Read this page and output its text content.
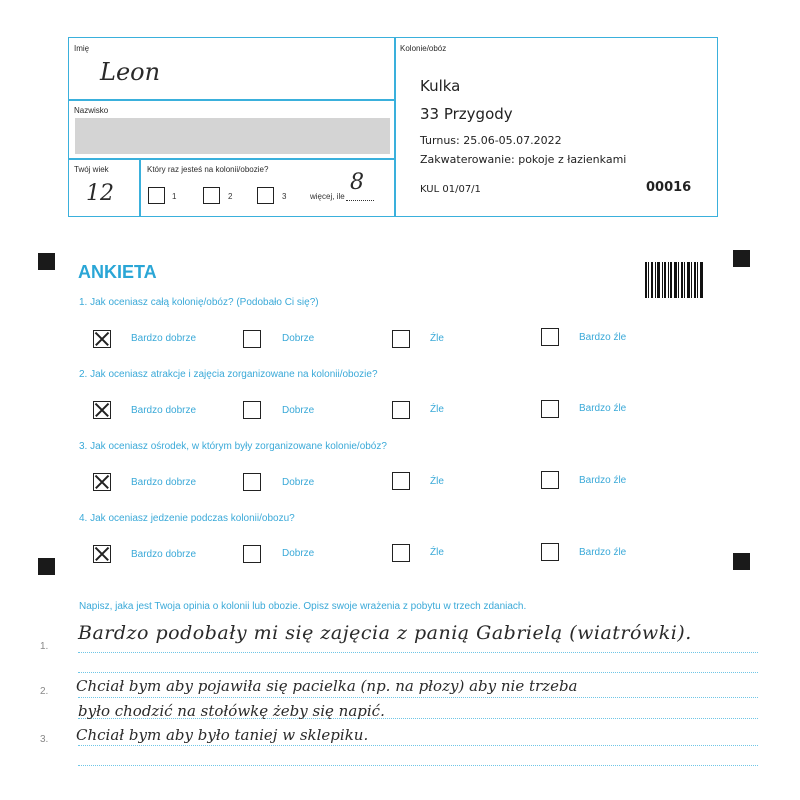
Imię
Leon
Nazwisko
Twój wiek
12
Który raz jesteś na kolonii/obozie?
1	2	3	więcej, ile
8
Kolonie/obóz
Kulka
33 Przygody
Turnus: 25.06-05.07.2022
Zakwaterowanie: pokoje z łazienkami
KUL 01/07/1	00016
ANKIETA
1. Jak oceniasz całą kolonię/obóz? (Podobało Ci się?)
Bardzo dobrze	Dobrze	Źle	Bardzo źle
2. Jak oceniasz atrakcje i zajęcia zorganizowane na kolonii/obozie?
Bardzo dobrze	Dobrze	Źle	Bardzo źle
3. Jak oceniasz ośrodek, w którym były zorganizowane kolonie/obóz?
Bardzo dobrze	Dobrze	Źle	Bardzo źle
4. Jak oceniasz jedzenie podczas kolonii/obozu?
Bardzo dobrze	Dobrze	Źle	Bardzo źle
Napisz, jaka jest Twoja opinia o kolonii lub obozie. Opisz swoje wrażenia z pobytu w trzech zdaniach.
1.
2.
3.
Bardzo podobały mi się zajęcia z panią Gabrielą (wiatrówki).
Chciał bym aby pojawiła się pacielka (np. na płozy) aby nie trzeba
było chodzić na stołówkę żeby się napić.
Chciał bym aby było taniej w sklepiku.
